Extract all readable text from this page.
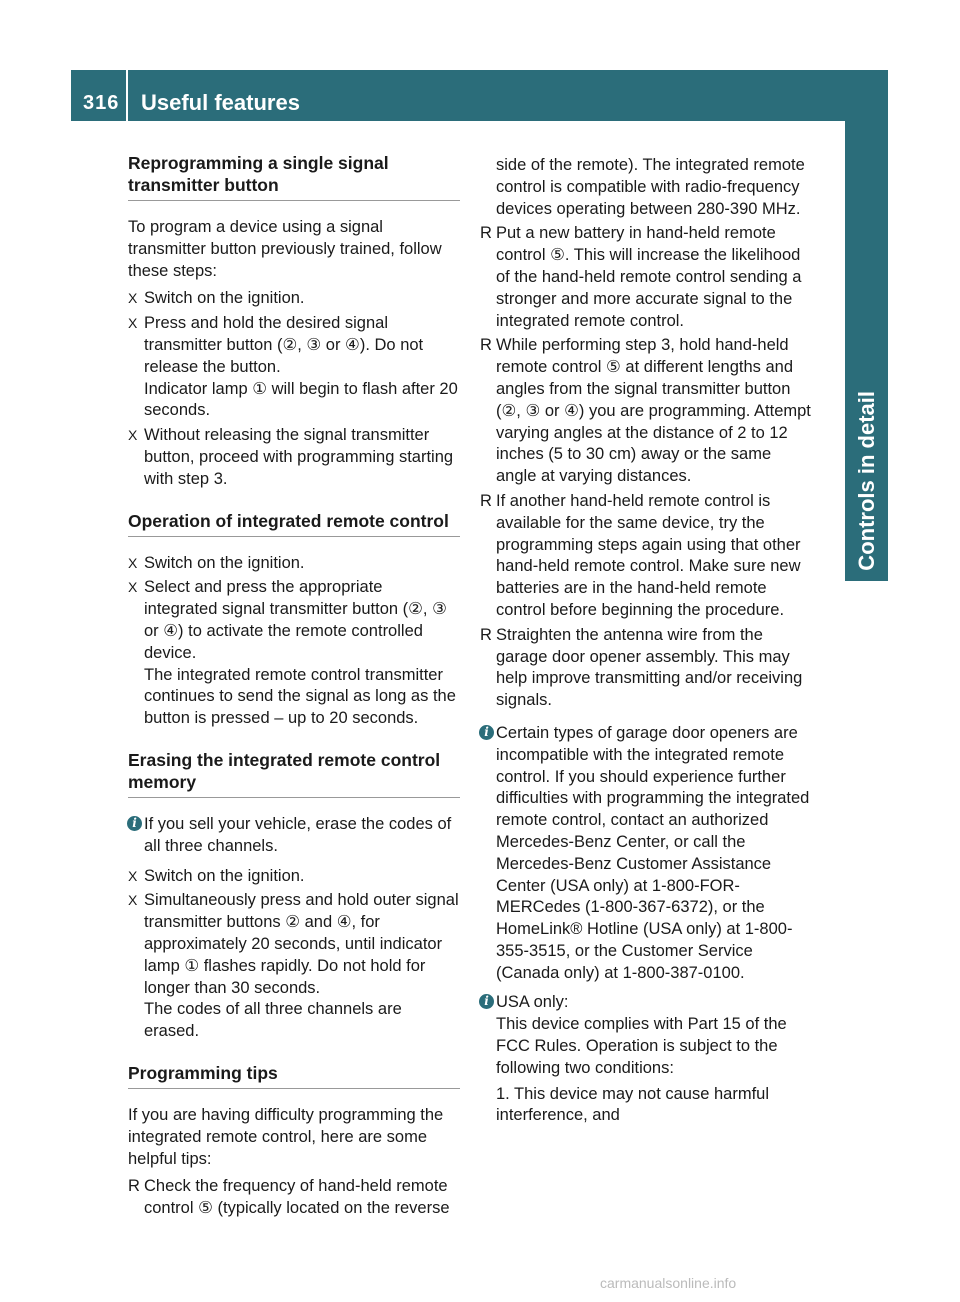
316 Useful features
Controls in detail
Reprogramming a single signal transmitter button

To program a device using a signal transmitter button previously trained, follow these steps:

X Switch on the ignition.
X Press and hold the desired signal transmitter button (②, ③ or ④). Do not release the button.
Indicator lamp ① will begin to flash after 20 seconds.
X Without releasing the signal transmitter button, proceed with programming starting with step 3.
Operation of integrated remote control
X Switch on the ignition.
X Select and press the appropriate integrated signal transmitter button (②, ③ or ④) to activate the remote controlled device.
The integrated remote control transmitter continues to send the signal as long as the button is pressed – up to 20 seconds.
Erasing the integrated remote control memory
i If you sell your vehicle, erase the codes of all three channels.
X Switch on the ignition.
X Simultaneously press and hold outer signal transmitter buttons ② and ④, for approximately 20 seconds, until indicator lamp ① flashes rapidly. Do not hold for longer than 30 seconds.
The codes of all three channels are erased.
Programming tips

If you are having difficulty programming the integrated remote control, here are some helpful tips:

R Check the frequency of hand-held remote control ⑤ (typically located on the reverse
side of the remote). The integrated remote control is compatible with radio-frequency devices operating between 280-390 MHz.
R Put a new battery in hand-held remote control ⑤. This will increase the likelihood of the hand-held remote control sending a stronger and more accurate signal to the integrated remote control.
R While performing step 3, hold hand-held remote control ⑤ at different lengths and angles from the signal transmitter button (②, ③ or ④) you are programming. Attempt varying angles at the distance of 2 to 12 inches (5 to 30 cm) away or the same angle at varying distances.
R If another hand-held remote control is available for the same device, try the programming steps again using that other hand-held remote control. Make sure new batteries are in the hand-held remote control before beginning the procedure.
R Straighten the antenna wire from the garage door opener assembly. This may help improve transmitting and/or receiving signals.
i Certain types of garage door openers are incompatible with the integrated remote control. If you should experience further difficulties with programming the integrated remote control, contact an authorized Mercedes-Benz Center, or call the Mercedes-Benz Customer Assistance Center (USA only) at 1-800-FOR-MERCedes (1-800-367-6372), or the HomeLink® Hotline (USA only) at 1-800-355-3515, or the Customer Service (Canada only) at 1-800-387-0100.
i USA only:
This device complies with Part 15 of the FCC Rules. Operation is subject to the following two conditions:
1. This device may not cause harmful interference, and
carmanualsonline.info
